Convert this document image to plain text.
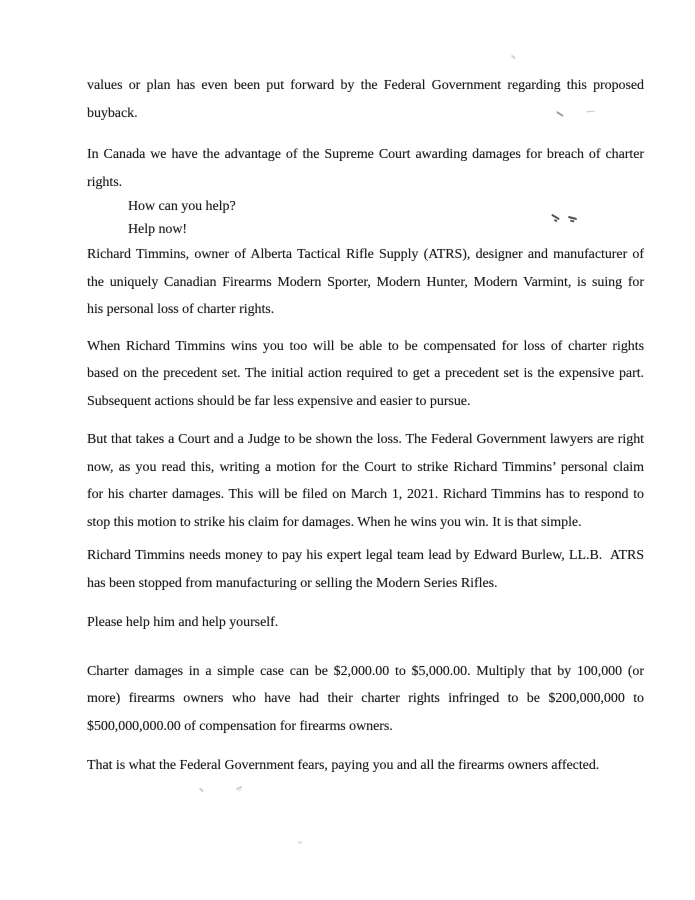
values or plan has even been put forward by the Federal Government regarding this proposed
buyback.
In Canada we have the advantage of the Supreme Court awarding damages for breach of charter
rights.
How can you help?
Help now!
Richard Timmins, owner of Alberta Tactical Rifle Supply (ATRS), designer and manufacturer of
the uniquely Canadian Firearms Modern Sporter, Modern Hunter, Modern Varmint, is suing for
his personal loss of charter rights.
When Richard Timmins wins you too will be able to be compensated for loss of charter rights
based on the precedent set. The initial action required to get a precedent set is the expensive part.
Subsequent actions should be far less expensive and easier to pursue.
But that takes a Court and a Judge to be shown the loss. The Federal Government lawyers are right
now, as you read this, writing a motion for the Court to strike Richard Timmins’ personal claim
for his charter damages. This will be filed on March 1, 2021. Richard Timmins has to respond to
stop this motion to strike his claim for damages. When he wins you win. It is that simple.
Richard Timmins needs money to pay his expert legal team lead by Edward Burlew, LL.B.  ATRS
has been stopped from manufacturing or selling the Modern Series Rifles.
Please help him and help yourself.
Charter damages in a simple case can be $2,000.00 to $5,000.00. Multiply that by 100,000 (or
more) firearms owners who have had their charter rights infringed to be $200,000,000 to
$500,000,000.00 of compensation for firearms owners.
That is what the Federal Government fears, paying you and all the firearms owners affected.
